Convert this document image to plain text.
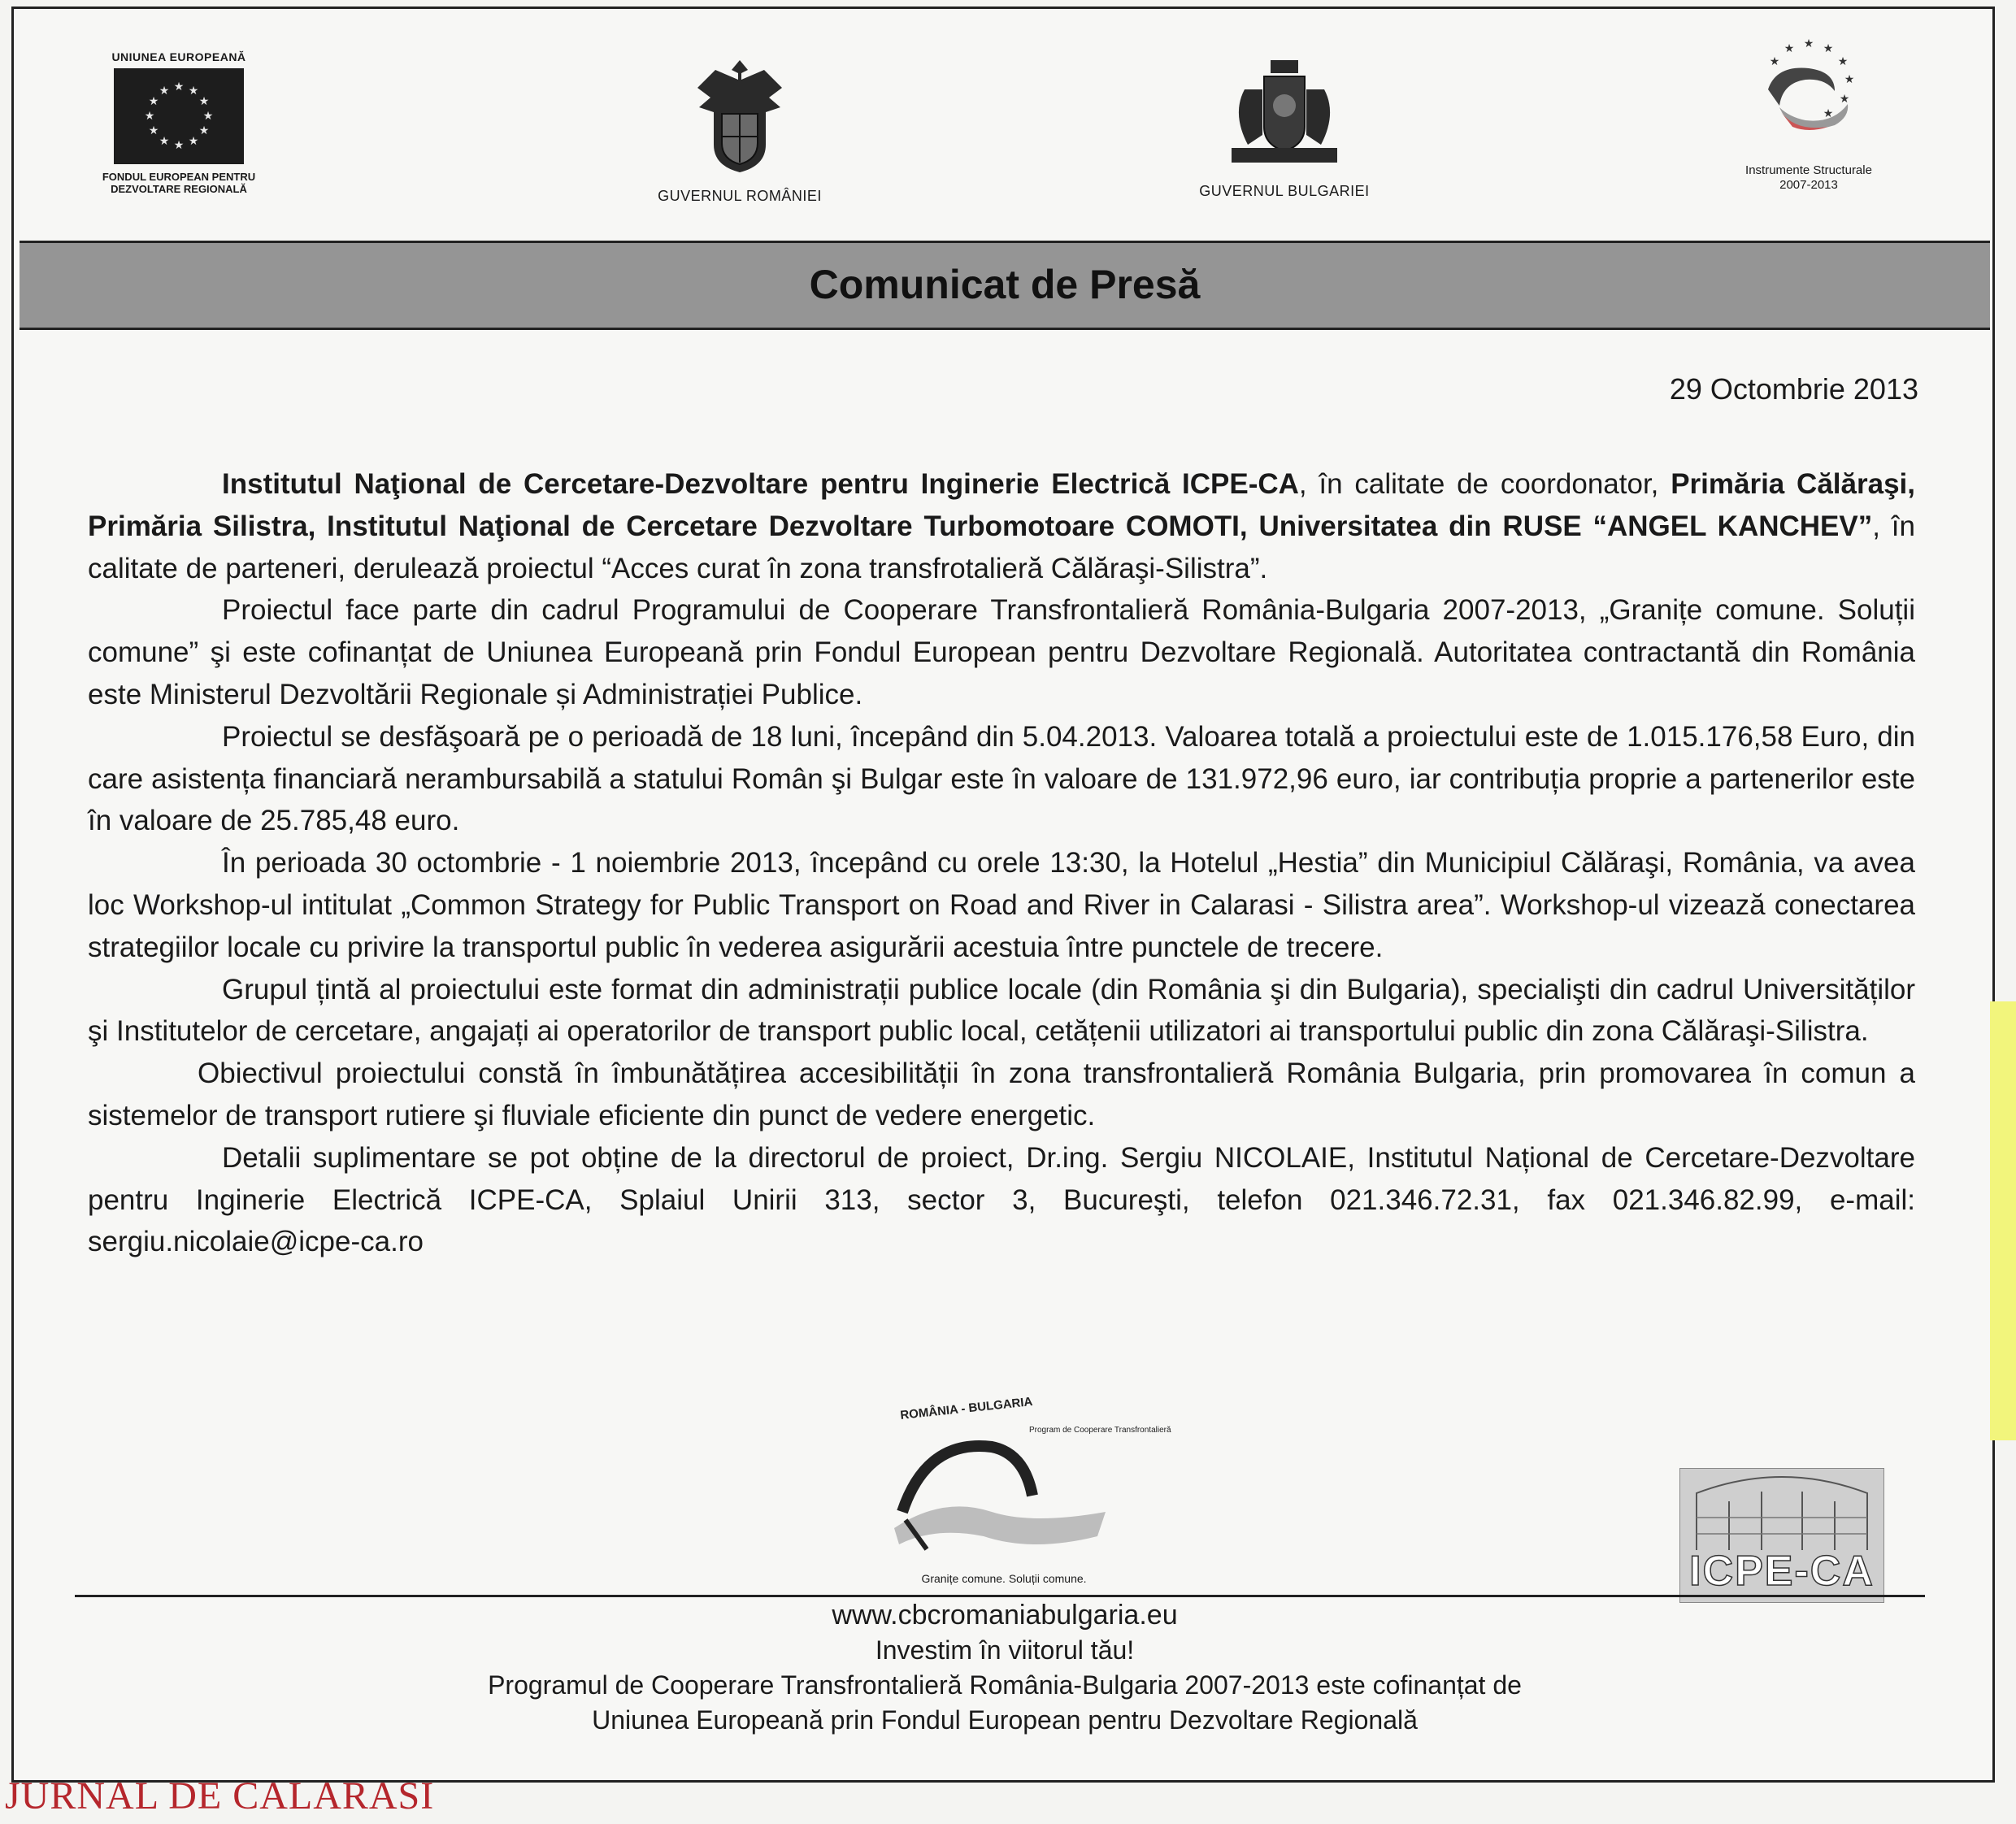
UNIUNEA EUROPEANĂ
★ ★
★
★
★
★
★
★
★
★
★
★
FONDUL EUROPEAN PENTRU DEZVOLTARE REGIONALĂ	GUVERNUL ROMÂNIEI	GUVERNUL BULGARIEI
★ ★
★
★
★
★
★
★
Instrumente Structurale
2007-2013
Comunicat de Presă
29 Octombrie 2013

Institutul Naţional de Cercetare-Dezvoltare pentru Inginerie Electrică ICPE-CA, în calitate de coordonator, Primăria Călăraşi, Primăria Silistra, Institutul Naţional de Cercetare Dezvoltare Turbomotoare COMOTI, Universitatea din RUSE “ANGEL KANCHEV”, în calitate de parteneri, derulează proiectul “Acces curat în zona transfrotalieră Călăraşi-Silistra”.

Proiectul face parte din cadrul Programului de Cooperare Transfrontalieră România-Bulgaria 2007-2013, „Granițe comune. Soluții comune” şi este cofinanțat de Uniunea Europeană prin Fondul European pentru Dezvoltare Regională. Autoritatea contractantă din România este Ministerul Dezvoltării Regionale și Administrației Publice.

Proiectul se desfăşoară pe o perioadă de 18 luni, începând din 5.04.2013. Valoarea totală a proiectului este de 1.015.176,58 Euro, din care asistența financiară nerambursabilă a statului Român şi Bulgar este în valoare de 131.972,96 euro, iar contribuția proprie a partenerilor este în valoare de 25.785,48 euro.

În perioada 30 octombrie - 1 noiembrie 2013, începând cu orele 13:30, la Hotelul „Hestia” din Municipiul Călăraşi, România, va avea loc Workshop-ul intitulat „Common Strategy for Public Transport on Road and River in Calarasi - Silistra area”. Workshop-ul vizează conectarea strategiilor locale cu privire la transportul public în vederea asigurării acestuia între punctele de trecere.

Grupul țintă al proiectului este format din administrații publice locale (din România şi din Bulgaria), specialişti din cadrul Universităților şi Institutelor de cercetare, angajați ai operatorilor de transport public local, cetățenii utilizatori ai transportului public din zona Călăraşi-Silistra.

Obiectivul proiectului constă în îmbunătățirea accesibilității în zona transfrontalieră România Bulgaria, prin promovarea în comun a sistemelor de transport rutiere şi fluviale eficiente din punct de vedere energetic.

Detalii suplimentare se pot obține de la directorul de proiect, Dr.ing. Sergiu NICOLAIE, Institutul Național de Cercetare-Dezvoltare pentru Inginerie Electrică ICPE-CA, Splaiul Unirii 313, sector 3, Bucureşti, telefon 021.346.72.31, fax 021.346.82.99, e-mail: sergiu.nicolaie@icpe-ca.ro

ROMÂNIA - BULGARIA
Program de Cooperare Transfrontalieră
Granițe comune. Soluții comune.	ICPE-CA
www.cbcromaniabulgaria.eu
Investim în viitorul tău!
Programul de Cooperare Transfrontalieră România-Bulgaria 2007-2013 este cofinanțat de
Uniunea Europeană prin Fondul European pentru Dezvoltare Regională
JURNAL DE CALARASI
